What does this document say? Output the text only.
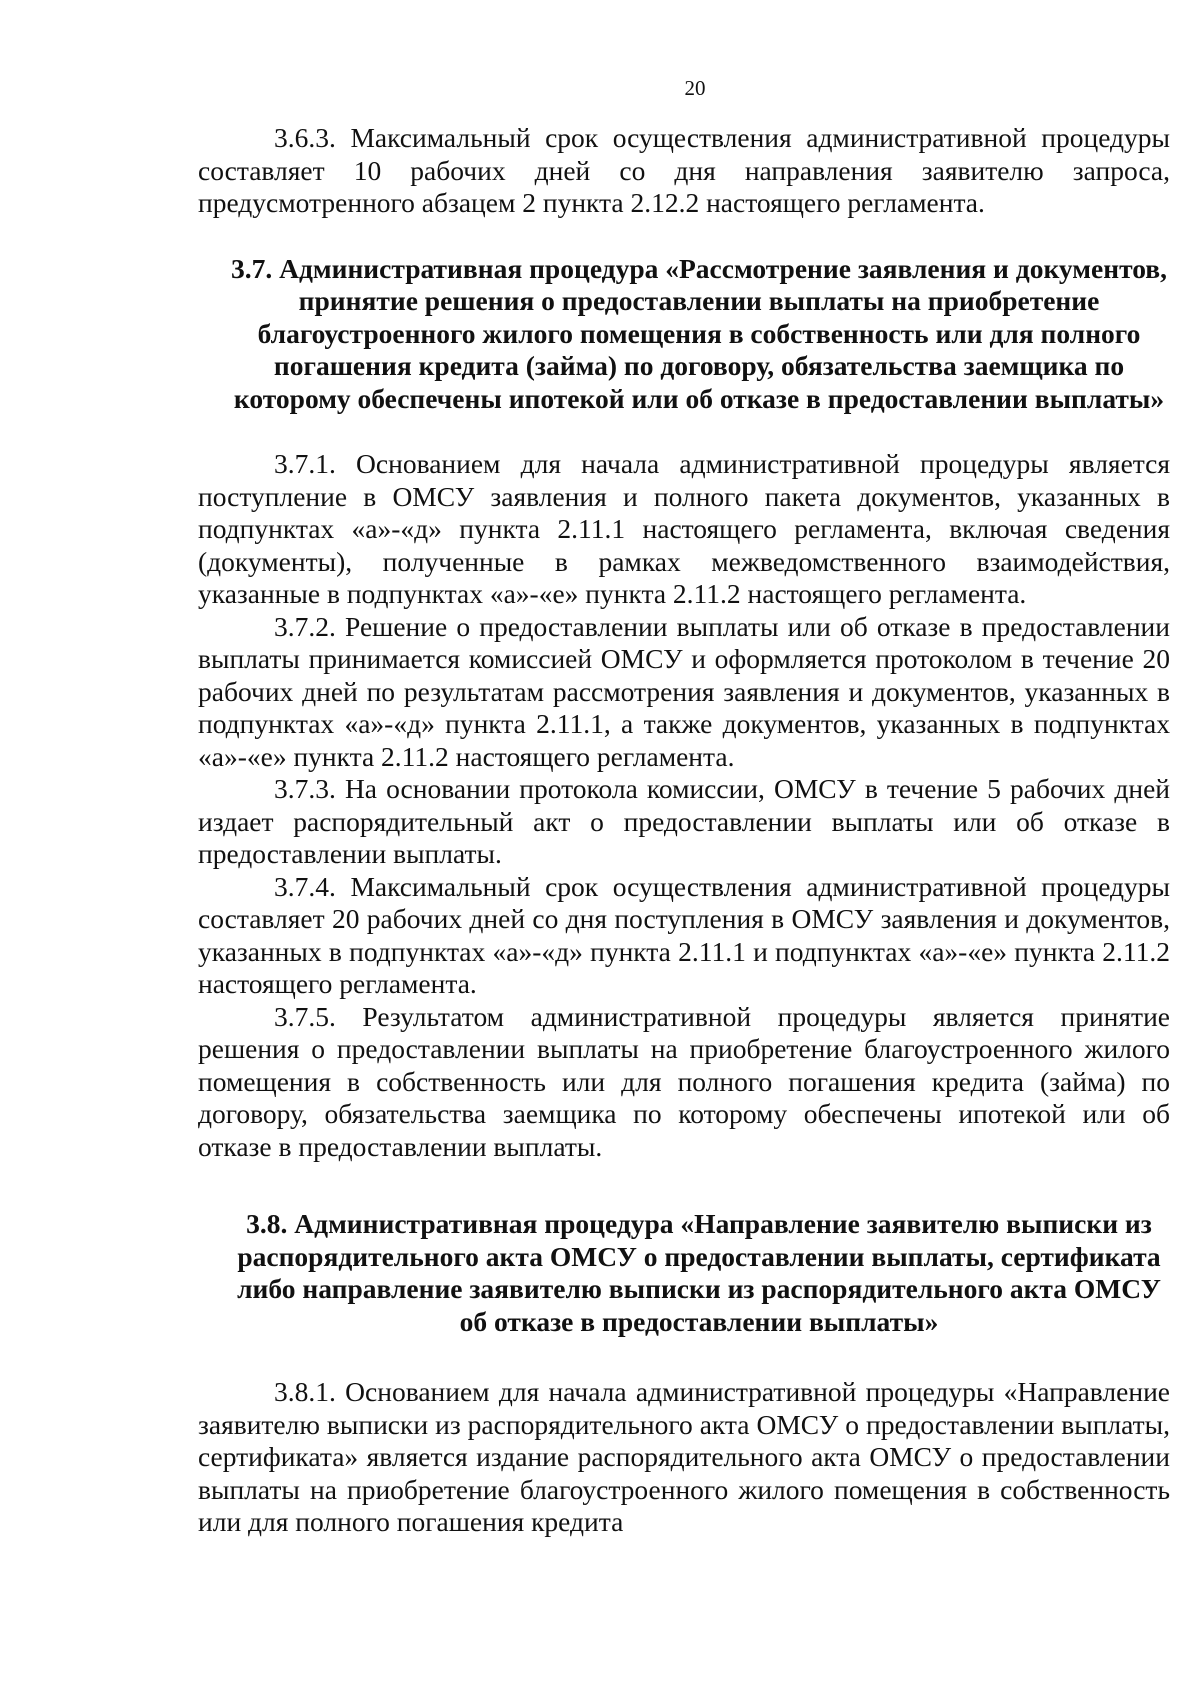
20

3.6.3. Максимальный срок осуществления административной процедуры составляет 10 рабочих дней со дня направления заявителю запроса, предусмотренного абзацем 2 пункта 2.12.2 настоящего регламента.

3.7. Административная процедура «Рассмотрение заявления и документов, принятие решения о предоставлении выплаты на приобретение благоустроенного жилого помещения в собственность или для полного погашения кредита (займа) по договору, обязательства заемщика по которому обеспечены ипотекой или об отказе в предоставлении выплаты»

3.7.1. Основанием для начала административной процедуры является поступление в ОМСУ заявления и полного пакета документов, указанных в подпунктах «а»-«д» пункта 2.11.1 настоящего регламента, включая сведения (документы), полученные в рамках межведомственного взаимодействия, указанные в подпунктах «а»-«е» пункта 2.11.2 настоящего регламента.

3.7.2. Решение о предоставлении выплаты или об отказе в предоставлении выплаты принимается комиссией ОМСУ и оформляется протоколом в течение 20 рабочих дней по результатам рассмотрения заявления и документов, указанных в подпунктах «а»-«д» пункта 2.11.1, а также документов, указанных в подпунктах «а»-«е» пункта 2.11.2 настоящего регламента.

3.7.3. На основании протокола комиссии, ОМСУ в течение 5 рабочих дней издает распорядительный акт о предоставлении выплаты или об отказе в предоставлении выплаты.

3.7.4. Максимальный срок осуществления административной процедуры составляет 20 рабочих дней со дня поступления в ОМСУ заявления и документов, указанных в подпунктах «а»-«д» пункта 2.11.1 и подпунктах «а»-«е» пункта 2.11.2 настоящего регламента.

3.7.5. Результатом административной процедуры является принятие решения о предоставлении выплаты на приобретение благоустроенного жилого помещения в собственность или для полного погашения кредита (займа) по договору, обязательства заемщика по которому обеспечены ипотекой или об отказе в предоставлении выплаты.

3.8. Административная процедура «Направление заявителю выписки из распорядительного акта ОМСУ о предоставлении выплаты, сертификата либо направление заявителю выписки из распорядительного акта ОМСУ об отказе в предоставлении выплаты»

3.8.1. Основанием для начала административной процедуры «Направление заявителю выписки из распорядительного акта ОМСУ о предоставлении выплаты, сертификата» является издание распорядительного акта ОМСУ о предоставлении выплаты на приобретение благоустроенного жилого помещения в собственность или для полного погашения кредита
